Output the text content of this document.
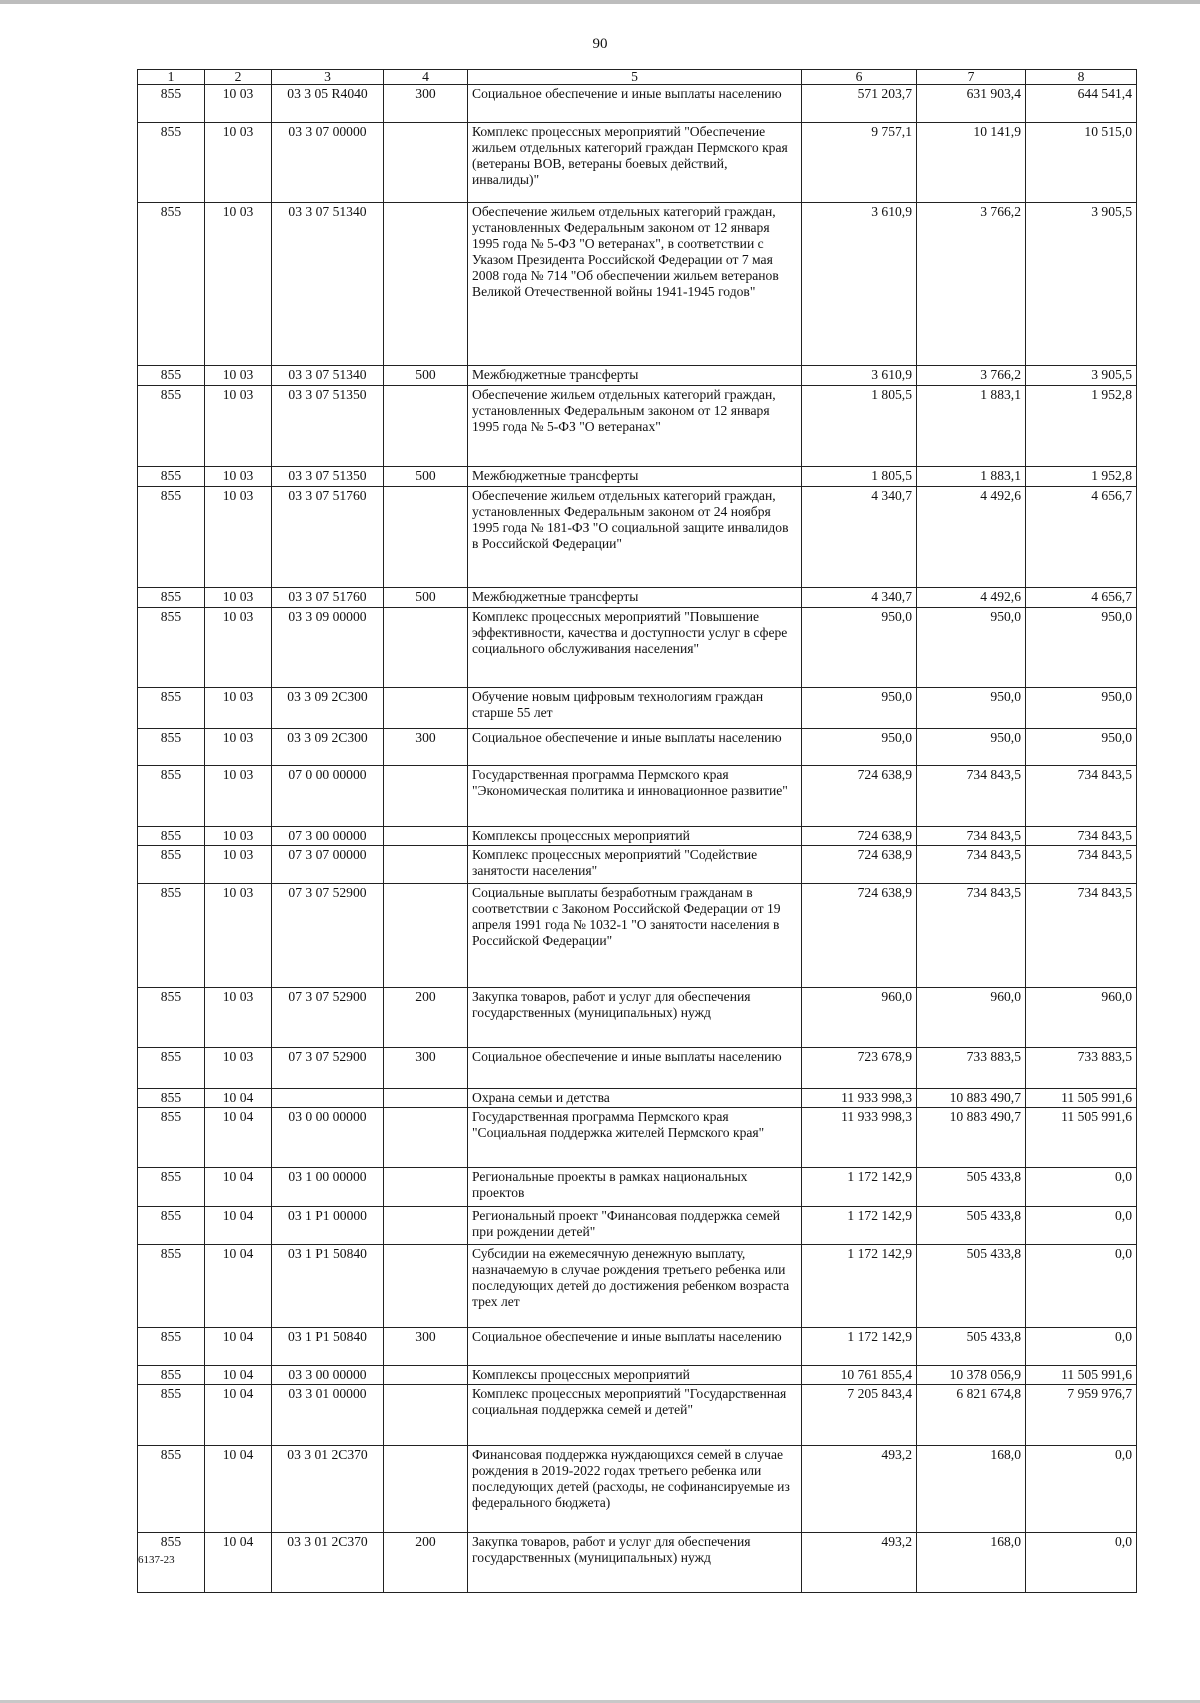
90
1	2	3	4	5	6	7	8
855	10 03	03 3 05 R4040	300	Социальное обеспечение и иные выплаты населению	571 203,7	631 903,4	644 541,4
855	10 03	03 3 07 00000		Комплекс процессных мероприятий "Обеспечение жильем отдельных категорий граждан Пермского края (ветераны ВОВ, ветераны боевых действий, инвалиды)"	9 757,1	10 141,9	10 515,0
855	10 03	03 3 07 51340		Обеспечение жильем отдельных категорий граждан, установленных Федеральным законом от 12 января 1995 года № 5-ФЗ "О ветеранах", в соответствии с Указом Президента Российской Федерации от 7 мая 2008 года № 714 "Об обеспечении жильем ветеранов Великой Отечественной войны 1941-1945 годов"	3 610,9	3 766,2	3 905,5
855	10 03	03 3 07 51340	500	Межбюджетные трансферты	3 610,9	3 766,2	3 905,5
855	10 03	03 3 07 51350		Обеспечение жильем отдельных категорий граждан, установленных Федеральным законом от 12 января 1995 года № 5-ФЗ "О ветеранах"	1 805,5	1 883,1	1 952,8
855	10 03	03 3 07 51350	500	Межбюджетные трансферты	1 805,5	1 883,1	1 952,8
855	10 03	03 3 07 51760		Обеспечение жильем отдельных категорий граждан, установленных Федеральным законом от 24 ноября 1995 года № 181-ФЗ "О социальной защите инвалидов в Российской Федерации"	4 340,7	4 492,6	4 656,7
855	10 03	03 3 07 51760	500	Межбюджетные трансферты	4 340,7	4 492,6	4 656,7
855	10 03	03 3 09 00000		Комплекс процессных мероприятий "Повышение эффективности, качества и доступности услуг в сфере социального обслуживания населения"	950,0	950,0	950,0
855	10 03	03 3 09 2С300		Обучение новым цифровым технологиям граждан старше 55 лет	950,0	950,0	950,0
855	10 03	03 3 09 2С300	300	Социальное обеспечение и иные выплаты населению	950,0	950,0	950,0
855	10 03	07 0 00 00000		Государственная программа Пермского края "Экономическая политика и инновационное развитие"	724 638,9	734 843,5	734 843,5
855	10 03	07 3 00 00000		Комплексы процессных мероприятий	724 638,9	734 843,5	734 843,5
855	10 03	07 3 07 00000		Комплекс процессных мероприятий "Содействие занятости населения"	724 638,9	734 843,5	734 843,5
855	10 03	07 3 07 52900		Социальные выплаты безработным гражданам в соответствии с Законом Российской Федерации от 19 апреля 1991 года № 1032-1 "О занятости населения в Российской Федерации"	724 638,9	734 843,5	734 843,5
855	10 03	07 3 07 52900	200	Закупка товаров, работ и услуг для обеспечения государственных (муниципальных) нужд	960,0	960,0	960,0
855	10 03	07 3 07 52900	300	Социальное обеспечение и иные выплаты населению	723 678,9	733 883,5	733 883,5
855	10 04			Охрана семьи и детства	11 933 998,3	10 883 490,7	11 505 991,6
855	10 04	03 0 00 00000		Государственная программа Пермского края "Социальная поддержка жителей Пермского края"	11 933 998,3	10 883 490,7	11 505 991,6
855	10 04	03 1 00 00000		Региональные проекты в рамках национальных проектов	1 172 142,9	505 433,8	0,0
855	10 04	03 1 Р1 00000		Региональный проект "Финансовая поддержка семей при рождении детей"	1 172 142,9	505 433,8	0,0
855	10 04	03 1 Р1 50840		Субсидии на ежемесячную денежную выплату, назначаемую в случае рождения третьего ребенка или последующих детей до достижения ребенком возраста трех лет	1 172 142,9	505 433,8	0,0
855	10 04	03 1 Р1 50840	300	Социальное обеспечение и иные выплаты населению	1 172 142,9	505 433,8	0,0
855	10 04	03 3 00 00000		Комплексы процессных мероприятий	10 761 855,4	10 378 056,9	11 505 991,6
855	10 04	03 3 01 00000		Комплекс процессных мероприятий "Государственная социальная поддержка семей и детей"	7 205 843,4	6 821 674,8	7 959 976,7
855	10 04	03 3 01 2С370		Финансовая поддержка нуждающихся семей в случае рождения в 2019-2022 годах третьего ребенка или последующих детей (расходы, не софинансируемые из федерального бюджета)	493,2	168,0	0,0
855	10 04	03 3 01 2С370	200	Закупка товаров, работ и услуг для обеспечения государственных (муниципальных) нужд	493,2	168,0	0,0
6137-23
